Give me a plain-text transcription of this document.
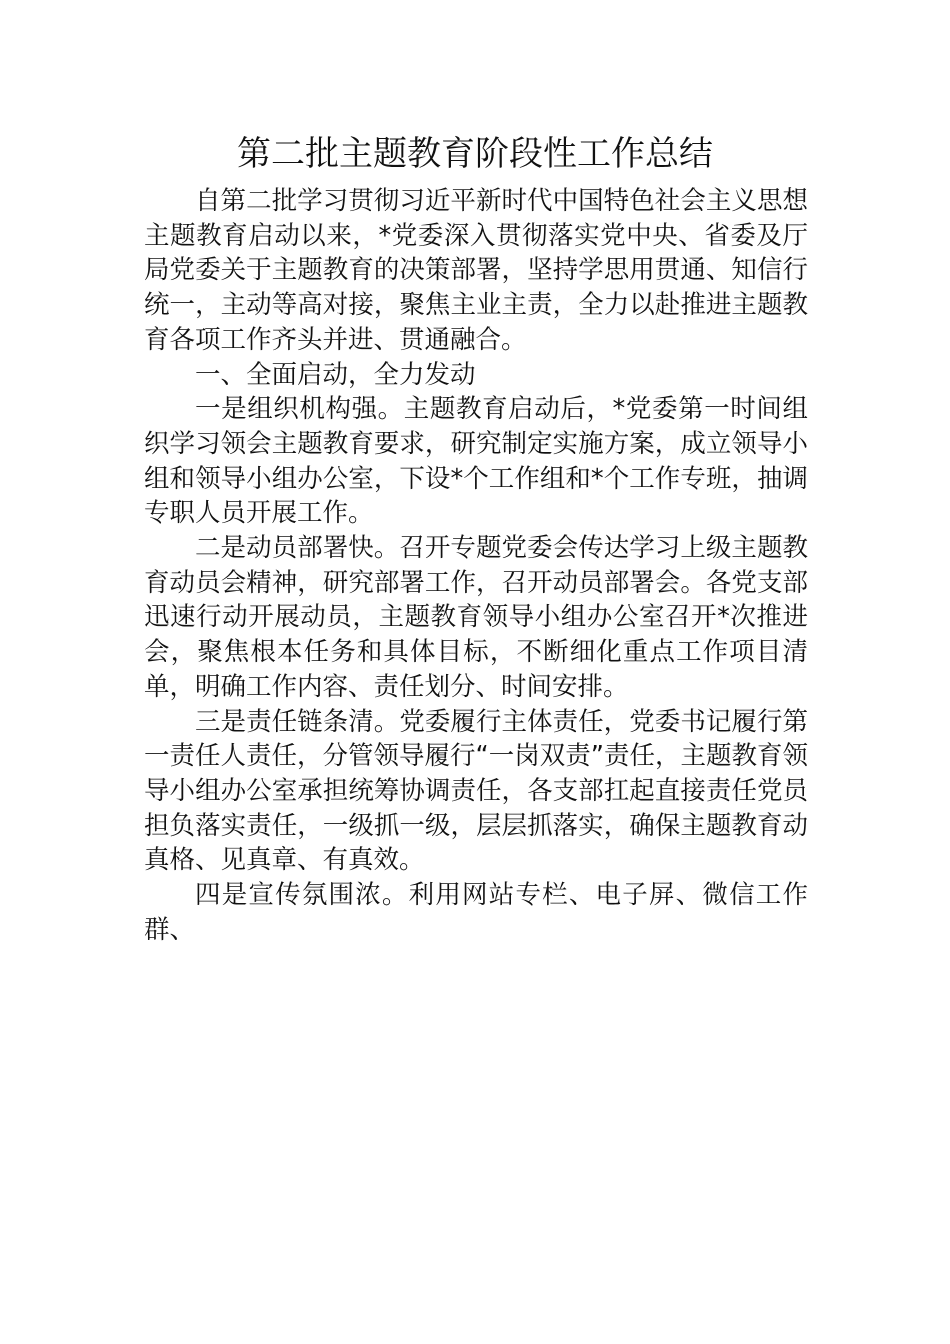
第二批主题教育阶段性工作总结

自第二批学习贯彻习近平新时代中国特色社会主义思想主题教育启动以来，*党委深入贯彻落实党中央、省委及厅局党委关于主题教育的决策部署，坚持学思用贯通、知信行统一，主动等高对接，聚焦主业主责，全力以赴推进主题教育各项工作齐头并进、贯通融合。

一、全面启动，全力发动

一是组织机构强。主题教育启动后，*党委第一时间组织学习领会主题教育要求，研究制定实施方案，成立领导小组和领导小组办公室，下设*个工作组和*个工作专班，抽调专职人员开展工作。

二是动员部署快。召开专题党委会传达学习上级主题教育动员会精神，研究部署工作，召开动员部署会。各党支部迅速行动开展动员，主题教育领导小组办公室召开*次推进会，聚焦根本任务和具体目标，不断细化重点工作项目清单，明确工作内容、责任划分、时间安排。

三是责任链条清。党委履行主体责任，党委书记履行第一责任人责任，分管领导履行“一岗双责”责任，主题教育领导小组办公室承担统筹协调责任，各支部扛起直接责任党员担负落实责任，一级抓一级，层层抓落实，确保主题教育动真格、见真章、有真效。

四是宣传氛围浓。利用网站专栏、电子屏、微信工作群、
